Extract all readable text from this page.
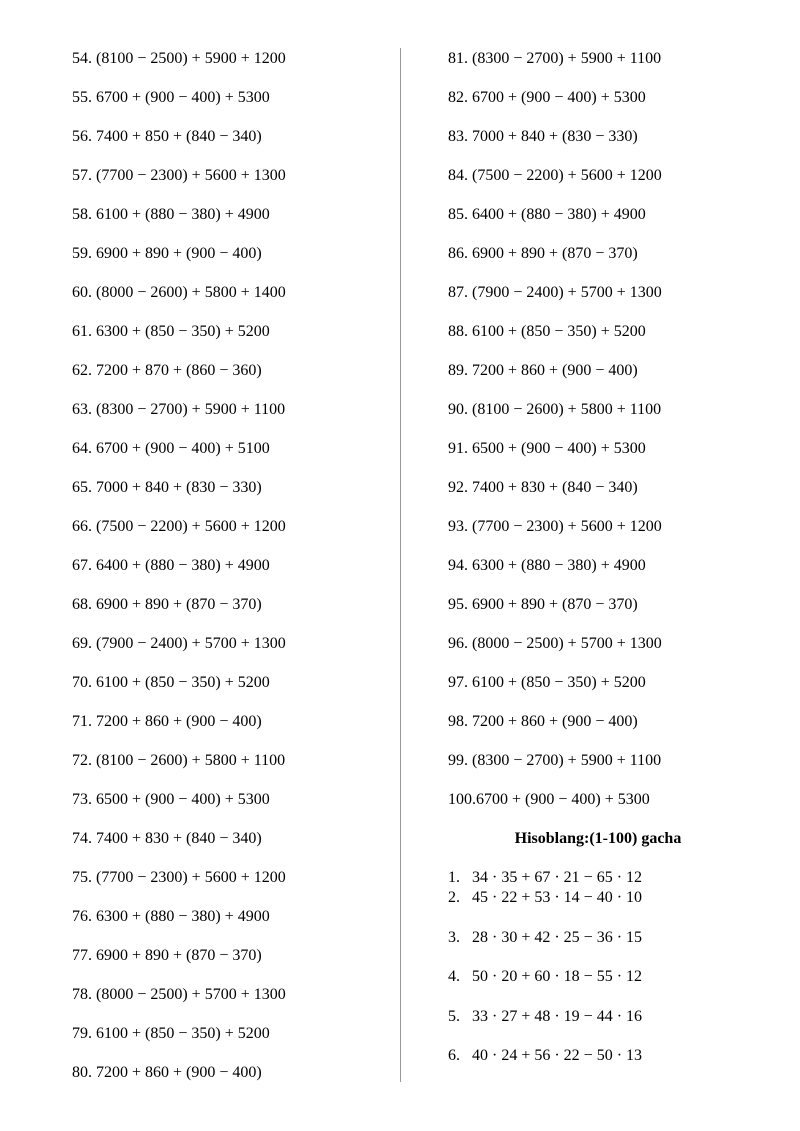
54. (8100 − 2500) + 5900 + 1200
55. 6700 + (900 − 400) + 5300
56. 7400 + 850 + (840 − 340)
57. (7700 − 2300) + 5600 + 1300
58. 6100 + (880 − 380) + 4900
59. 6900 + 890 + (900 − 400)
60. (8000 − 2600) + 5800 + 1400
61. 6300 + (850 − 350) + 5200
62. 7200 + 870 + (860 − 360)
63. (8300 − 2700) + 5900 + 1100
64. 6700 + (900 − 400) + 5100
65. 7000 + 840 + (830 − 330)
66. (7500 − 2200) + 5600 + 1200
67. 6400 + (880 − 380) + 4900
68. 6900 + 890 + (870 − 370)
69. (7900 − 2400) + 5700 + 1300
70. 6100 + (850 − 350) + 5200
71. 7200 + 860 + (900 − 400)
72. (8100 − 2600) + 5800 + 1100
73. 6500 + (900 − 400) + 5300
74. 7400 + 830 + (840 − 340)
75. (7700 − 2300) + 5600 + 1200
76. 6300 + (880 − 380) + 4900
77. 6900 + 890 + (870 − 370)
78. (8000 − 2500) + 5700 + 1300
79. 6100 + (850 − 350) + 5200
80. 7200 + 860 + (900 − 400)
81. (8300 − 2700) + 5900 + 1100
82. 6700 + (900 − 400) + 5300
83. 7000 + 840 + (830 − 330)
84. (7500 − 2200) + 5600 + 1200
85. 6400 + (880 − 380) + 4900
86. 6900 + 890 + (870 − 370)
87. (7900 − 2400) + 5700 + 1300
88. 6100 + (850 − 350) + 5200
89. 7200 + 860 + (900 − 400)
90. (8100 − 2600) + 5800 + 1100
91. 6500 + (900 − 400) + 5300
92. 7400 + 830 + (840 − 340)
93. (7700 − 2300) + 5600 + 1200
94. 6300 + (880 − 380) + 4900
95. 6900 + 890 + (870 − 370)
96. (8000 − 2500) + 5700 + 1300
97. 6100 + (850 − 350) + 5200
98. 7200 + 860 + (900 − 400)
99. (8300 − 2700) + 5900 + 1100
100. 6700 + (900 − 400) + 5300
Hisoblang:(1-100) gacha
1. 34 · 35 + 67 · 21 − 65 · 12
2. 45 · 22 + 53 · 14 − 40 · 10
3. 28 · 30 + 42 · 25 − 36 · 15
4. 50 · 20 + 60 · 18 − 55 · 12
5. 33 · 27 + 48 · 19 − 44 · 16
6. 40 · 24 + 56 · 22 − 50 · 13
